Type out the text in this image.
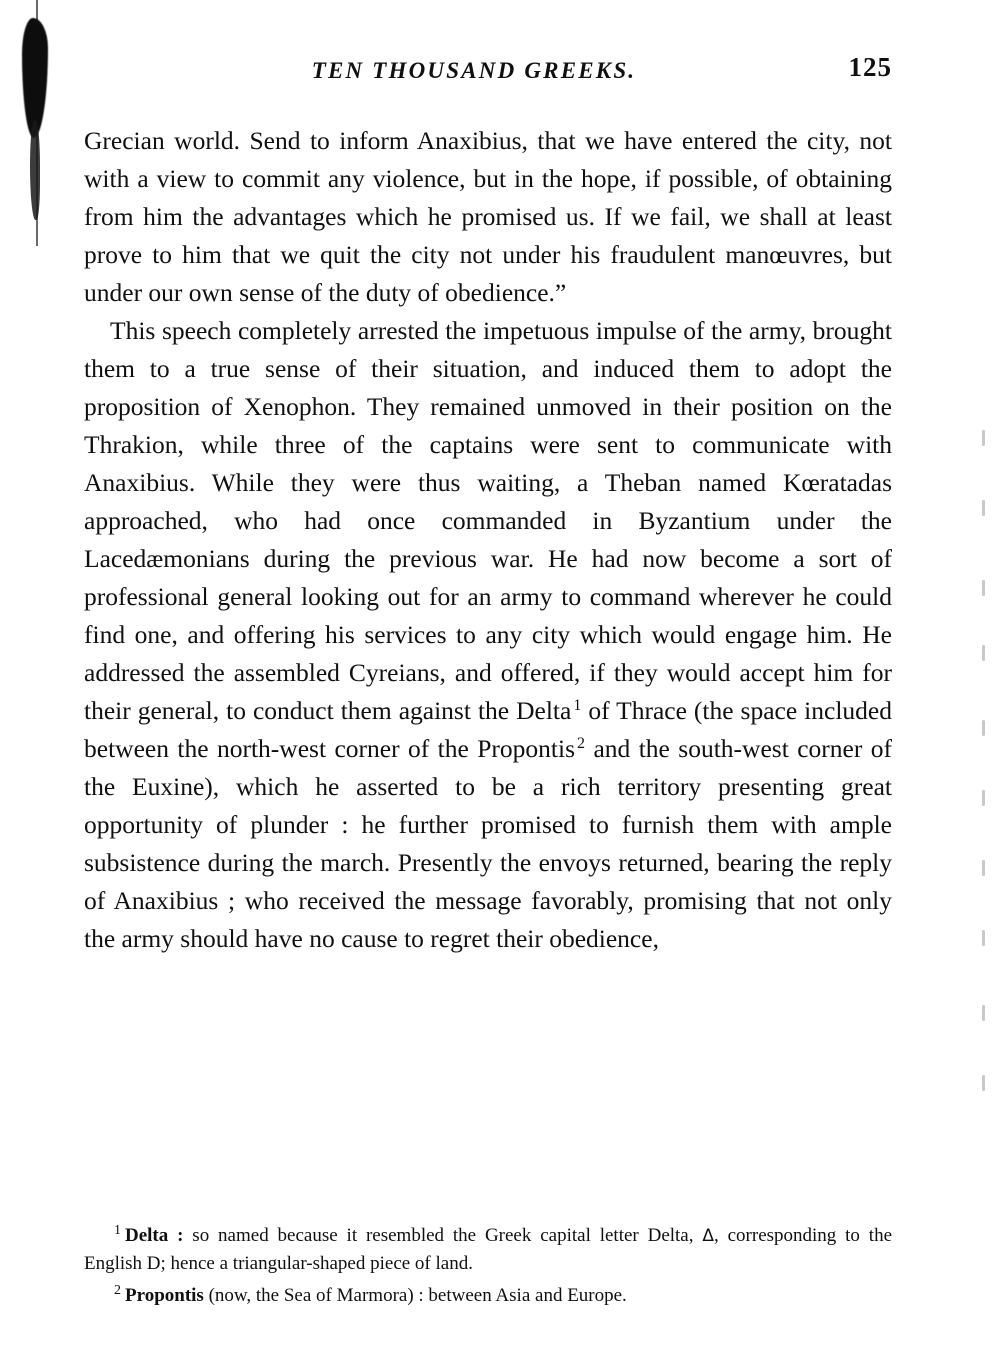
TEN THOUSAND GREEKS.	125

Grecian world. Send to inform Anaxibius, that we have entered the city, not with a view to commit any violence, but in the hope, if possible, of obtaining from him the advantages which he promised us. If we fail, we shall at least prove to him that we quit the city not under his fraudulent manœuvres, but under our own sense of the duty of obedience.”

This speech completely arrested the impetuous impulse of the army, brought them to a true sense of their situation, and induced them to adopt the proposition of Xenophon. They remained unmoved in their position on the Thrakion, while three of the captains were sent to communicate with Anaxibius. While they were thus waiting, a Theban named Kœratadas approached, who had once commanded in Byzantium under the Lacedæmonians during the previous war. He had now become a sort of professional general looking out for an army to command wherever he could find one, and offering his services to any city which would engage him. He addressed the assembled Cyreians, and offered, if they would accept him for their general, to conduct them against the Delta $^1$ of Thrace (the space included between the north-west corner of the Propontis $^2$ and the south-west corner of the Euxine), which he asserted to be a rich territory presenting great opportunity of plunder : he further promised to furnish them with ample subsistence during the march. Presently the envoys returned, bearing the reply of Anaxibius ; who received the message favorably, promising that not only the army should have no cause to regret their obedience,

$^1$ Delta : so named because it resembled the Greek capital letter Delta, Δ, corresponding to the English D; hence a triangular-shaped piece of land.

$^2$ Propontis (now, the Sea of Marmora) : between Asia and Europe.
